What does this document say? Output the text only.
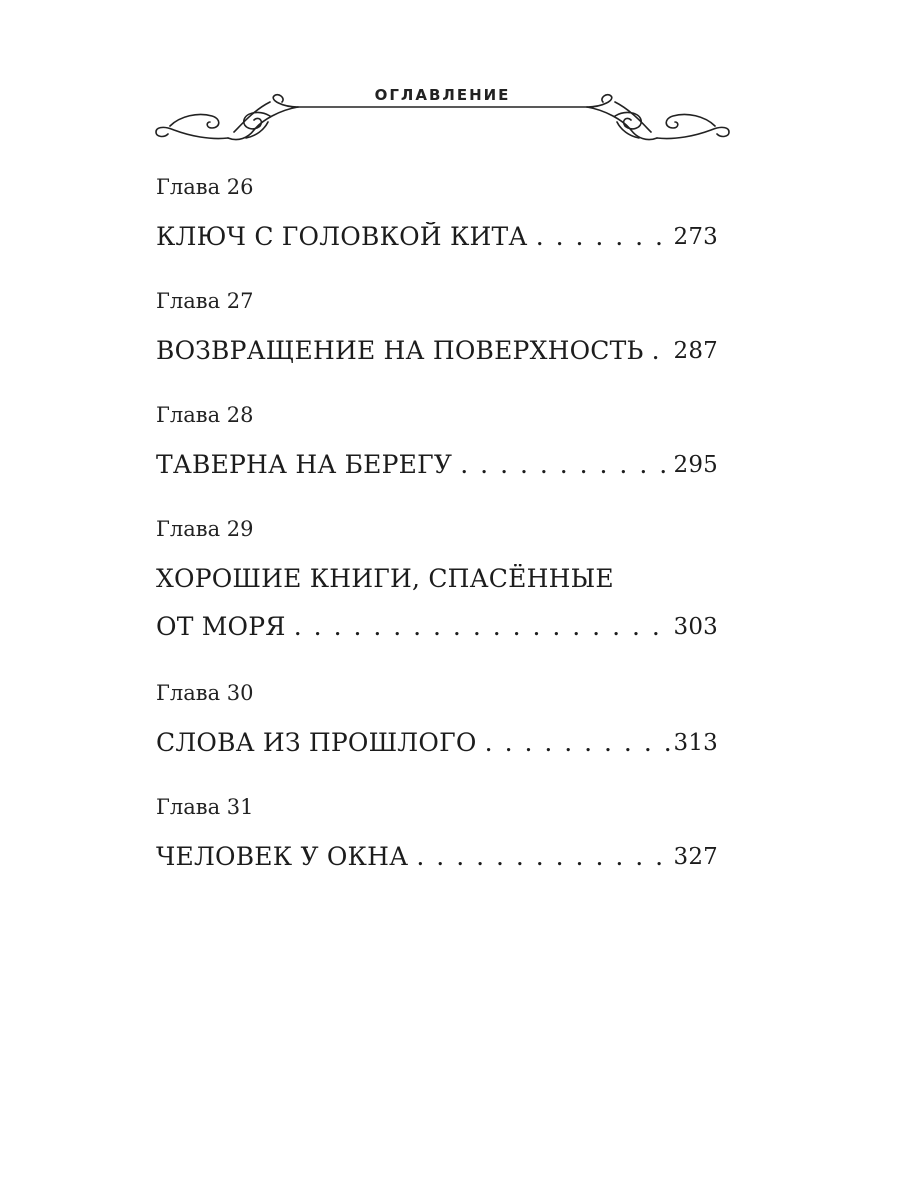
ОГЛАВЛЕНИЕ
Глава 26
КЛЮЧ С ГОЛОВКОЙ КИТА	273
. . .
Глава 27
ВОЗВРАЩЕНИЕ НА ПОВЕРХНОСТЬ 287
. . .
Глава 28
ТАВЕРНА НА БЕРЕГУ	295
. . .
Глава 29
ХОРОШИЕ КНИГИ, СПАСЁННЫЕ
ОТ МОРЯ	303
. . .
Глава 30
СЛОВА ИЗ ПРОШЛОГО	313
. . .
Глава 31
ЧЕЛОВЕК У ОКНА	327
. . .
